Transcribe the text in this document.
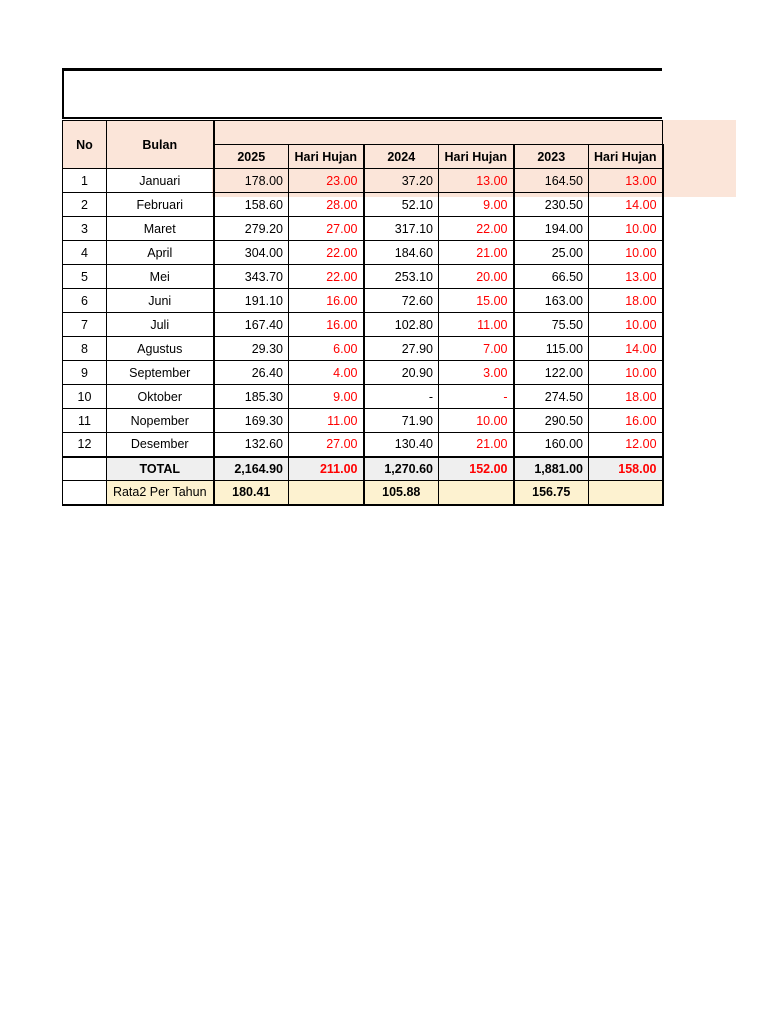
No	Bulan						
		2025	Hari Hujan	2024	Hari Hujan	2023	Hari Hujan
1	Januari	178.00	23.00	37.20	13.00	164.50	13.00
2	Februari	158.60	28.00	52.10	9.00	230.50	14.00
3	Maret	279.20	27.00	317.10	22.00	194.00	10.00
4	April	304.00	22.00	184.60	21.00	25.00	10.00
5	Mei	343.70	22.00	253.10	20.00	66.50	13.00
6	Juni	191.10	16.00	72.60	15.00	163.00	18.00
7	Juli	167.40	16.00	102.80	11.00	75.50	10.00
8	Agustus	29.30	6.00	27.90	7.00	115.00	14.00
9	September	26.40	4.00	20.90	3.00	122.00	10.00
10	Oktober	185.30	9.00	-	-	274.50	18.00
11	Nopember	169.30	11.00	71.90	10.00	290.50	16.00
12	Desember	132.60	27.00	130.40	21.00	160.00	12.00
	TOTAL	2,164.90	211.00	1,270.60	152.00	1,881.00	158.00
	Rata2 Per Tahun	180.41		105.88		156.75	
